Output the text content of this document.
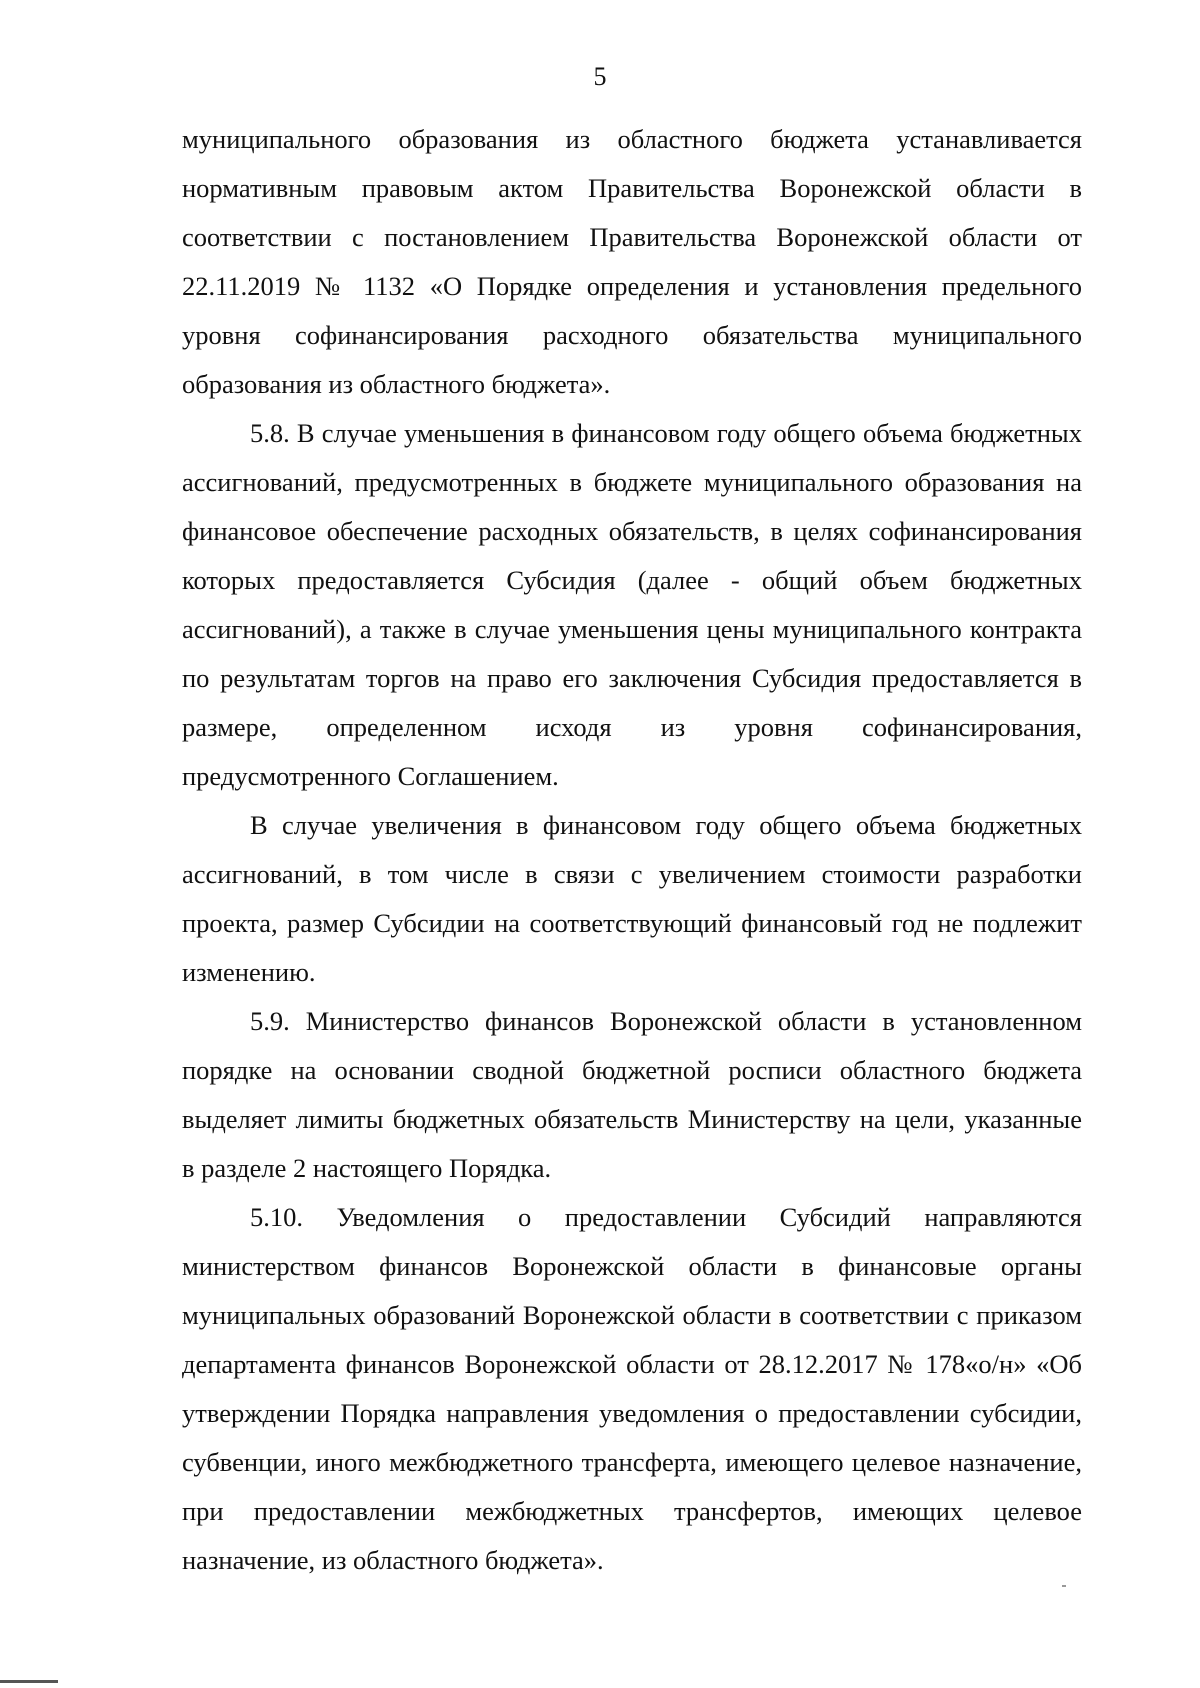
5

муниципального образования из областного бюджета устанавливается нормативным правовым актом Правительства Воронежской области в соответствии с постановлением Правительства Воронежской области от 22.11.2019 № 1132 «О Порядке определения и установления предельного уровня софинансирования расходного обязательства муниципального образования из областного бюджета».

5.8. В случае уменьшения в финансовом году общего объема бюджетных ассигнований, предусмотренных в бюджете муниципального образования на финансовое обеспечение расходных обязательств, в целях софинансирования которых предоставляется Субсидия (далее - общий объем бюджетных ассигнований), а также в случае уменьшения цены муниципального контракта по результатам торгов на право его заключения Субсидия предоставляется в размере, определенном исходя из уровня софинансирования, предусмотренного Соглашением.

В случае увеличения в финансовом году общего объема бюджетных ассигнований, в том числе в связи с увеличением стоимости разработки проекта, размер Субсидии на соответствующий финансовый год не подлежит изменению.

5.9. Министерство финансов Воронежской области в установленном порядке на основании сводной бюджетной росписи областного бюджета выделяет лимиты бюджетных обязательств Министерству на цели, указанные в разделе 2 настоящего Порядка.

5.10. Уведомления о предоставлении Субсидий направляются министерством финансов Воронежской области в финансовые органы муниципальных образований Воронежской области в соответствии с приказом департамента финансов Воронежской области от 28.12.2017 № 178«о/н» «Об утверждении Порядка направления уведомления о предоставлении субсидии, субвенции, иного межбюджетного трансферта, имеющего целевое назначение, при предоставлении межбюджетных трансфертов, имеющих целевое назначение, из областного бюджета».
